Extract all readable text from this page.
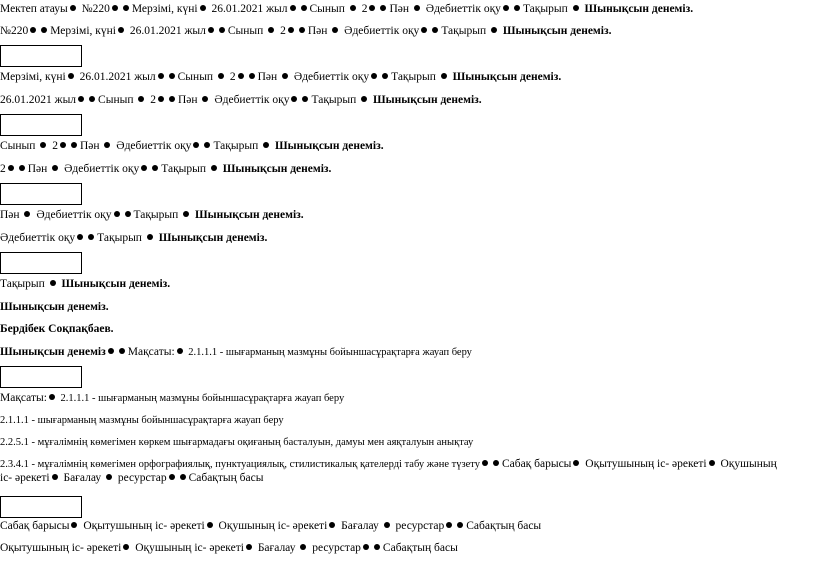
Мектеп атауы №220 Мерзімі, күні 26.01.2021 жыл Сынып  2 Пән  Әдебиеттік оқу Тақырып  Шынықсын денеміз.
№220 Мерзімі, күні 26.01.2021 жыл Сынып  2 Пән  Әдебиеттік оқу Тақырып  Шынықсын денеміз.
Мерзімі, күні 26.01.2021 жыл Сынып  2 Пән  Әдебиеттік оқу Тақырып  Шынықсын денеміз.
26.01.2021 жыл Сынып  2 Пән  Әдебиеттік оқу Тақырып  Шынықсын денеміз.
Сынып  2 Пән  Әдебиеттік оқу Тақырып  Шынықсын денеміз.
2 Пән  Әдебиеттік оқу Тақырып  Шынықсын денеміз.
Пән  Әдебиеттік оқу Тақырып  Шынықсын денеміз.
Әдебиеттік оқу Тақырып  Шынықсын денеміз.
Тақырып  Шынықсын денеміз.
Шынықсын денеміз.
Бердібек Соқпақбаев.
Шынықсын денеміз Мақсаты: 2.1.1.1 - шығарманың мазмұны бойыншасұрақтарға жауап беру
Мақсаты: 2.1.1.1 - шығарманың мазмұны бойыншасұрақтарға жауап беру
2.1.1.1 - шығарманың мазмұны бойыншасұрақтарға жауап беру
2.2.5.1 - мұғалімнің көмегімен көркем шығармадағы оқиғаның басталуын, дамуы мен аяқталуын анықтау
2.3.4.1 - мұғалімнің көмегімен орфографиялық, пунктуациялық, стилистикалық қателерді табу және түзету Сабақ барысы Оқытушының іс- әрекеті Оқушының
іс- әрекеті Бағалау  ресурстар Сабақтың басы
Сабақ барысы Оқытушының іс- әрекеті Оқушының іс- әрекеті Бағалау  ресурстар Сабақтың басы
Оқытушының іс- әрекеті Оқушының іс- әрекеті Бағалау  ресурстар Сабақтың басы
